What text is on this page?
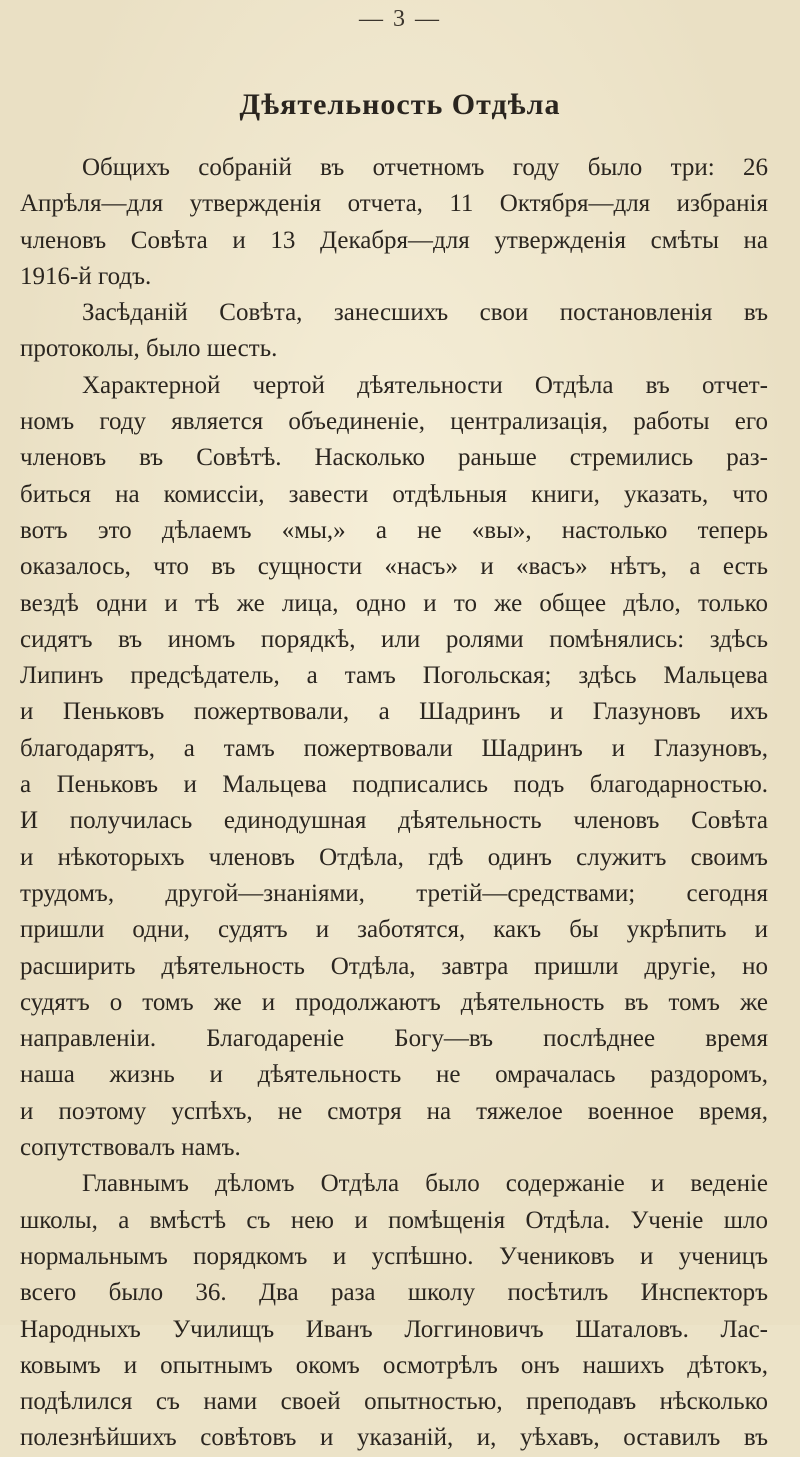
— 3 —
Дѣятельность Отдѣла
Общихъ собраній въ отчетномъ году было три: 26
Апрѣля—для утвержденія отчета, 11 Октября—для избранія
членовъ Совѣта и 13 Декабря—для утвержденія смѣты на
1916-й годъ.
Засѣданій Совѣта, занесшихъ свои постановленія въ
протоколы, было шесть.
Характерной чертой дѣятельности Отдѣла въ отчет-
номъ году является объединеніе, централизація, работы его
членовъ въ Совѣтѣ. Насколько раньше стремились раз-
биться на комиссіи, завести отдѣльныя книги, указать, что
вотъ это дѣлаемъ «мы,» а не «вы», настолько теперь
оказалось, что въ сущности «насъ» и «васъ» нѣтъ, а есть
вездѣ одни и тѣ же лица, одно и то же общее дѣло, только
сидятъ въ иномъ порядкѣ, или ролями помѣнялись: здѣсь
Липинъ предсѣдатель, а тамъ Погольская; здѣсь Мальцева
и Пеньковъ пожертвовали, а Шадринъ и Глазуновъ ихъ
благодарятъ, а тамъ пожертвовали Шадринъ и Глазуновъ,
а Пеньковъ и Мальцева подписались подъ благодарностью.
И получилась единодушная дѣятельность членовъ Совѣта
и нѣкоторыхъ членовъ Отдѣла, гдѣ одинъ служитъ своимъ
трудомъ, другой—знаніями, третій—средствами; сегодня
пришли одни, судятъ и заботятся, какъ бы укрѣпить и
расширить дѣятельность Отдѣла, завтра пришли другіе, но
судятъ о томъ же и продолжаютъ дѣятельность въ томъ же
направленіи. Благодареніе Богу—въ послѣднее время
наша жизнь и дѣятельность не омрачалась раздоромъ,
и поэтому успѣхъ, не смотря на тяжелое военное время,
сопутствовалъ намъ.
Главнымъ дѣломъ Отдѣла было содержаніе и веденіе
школы, а вмѣстѣ съ нею и помѣщенія Отдѣла. Ученіе шло
нормальнымъ порядкомъ и успѣшно. Учениковъ и ученицъ
всего было 36. Два раза школу посѣтилъ Инспекторъ
Народныхъ Училищъ Иванъ Логгиновичъ Шаталовъ. Лас-
ковымъ и опытнымъ окомъ осмотрѣлъ онъ нашихъ дѣтокъ,
подѣлился съ нами своей опытностью, преподавъ нѣсколько
полезнѣйшихъ совѣтовъ и указаній, и, уѣхавъ, оставилъ въ
